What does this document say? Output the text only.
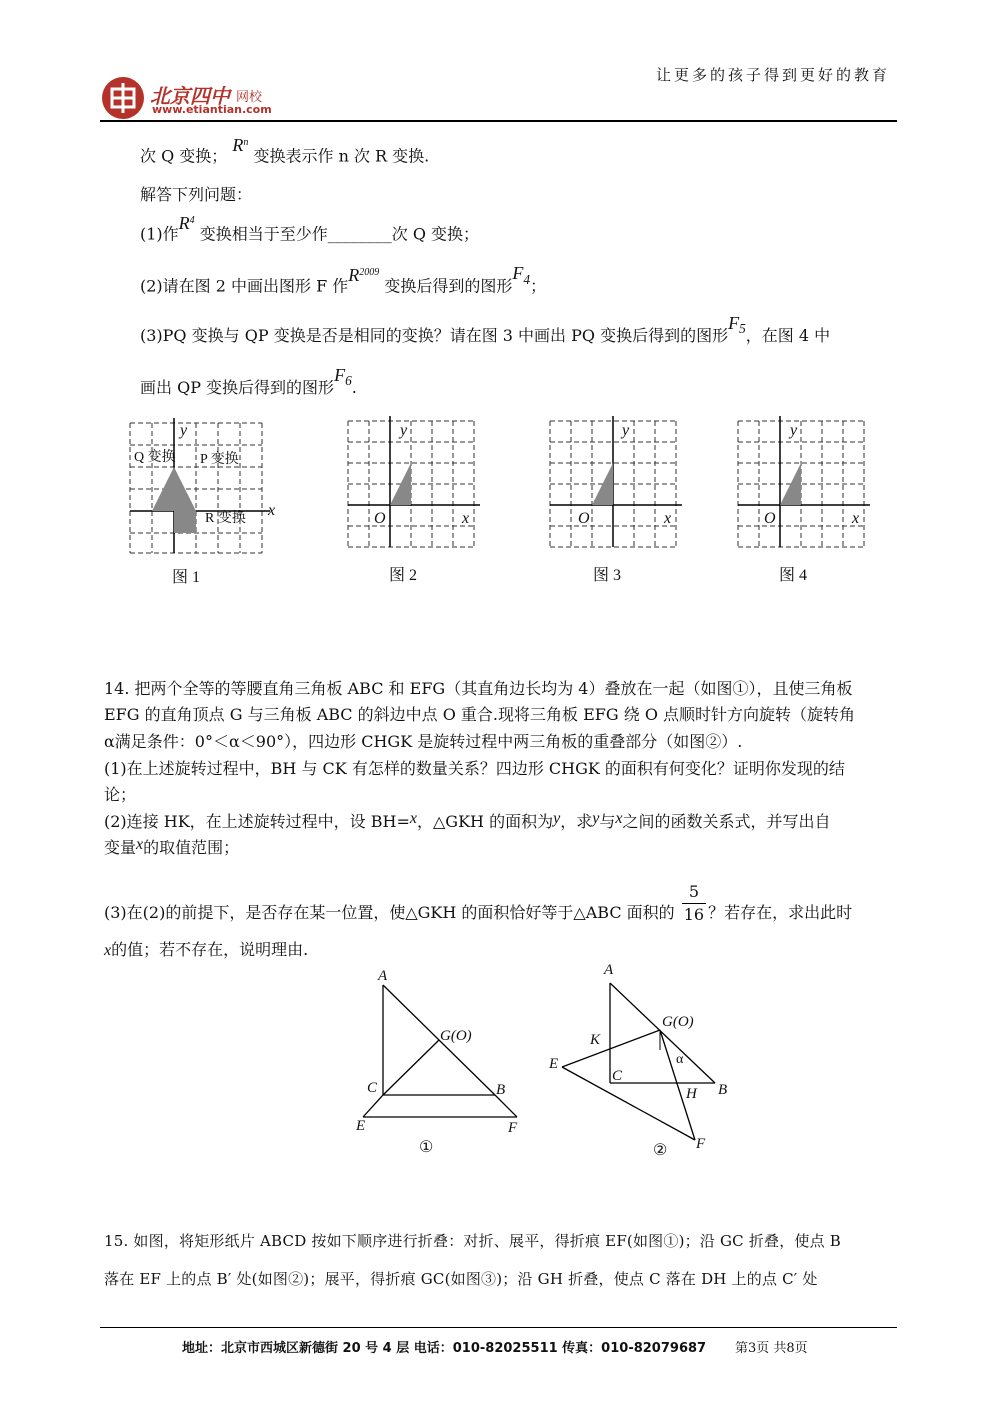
北京四中 网校
www.etiantian.com
让更多的孩子得到更好的教育
次 Q 变换； $R^n$ 变换表示作 n 次 R 变换.
解答下列问题：
(1)作$R^4$ 变换相当于至少作________次 Q 变换；
(2)请在图 2 中画出图形 F 作$R^{2009}$ 变换后得到的图形$F_4$；
(3)PQ 变换与 QP 变换是否是相同的变换？请在图 3 中画出 PQ 变换后得到的图形$F_5$，在图 4 中
画出 QP 变换后得到的图形$F_6$.
Q 变换 P 变换
R 变换 x
y
图 1
y
x
O
图 2
y
x
O
图 3
y
x
O
图 4
14. 把两个全等的等腰直角三角板 ABC 和 EFG（其直角边长均为 4）叠放在一起（如图①），且使三角板
EFG 的直角顶点 G 与三角板 ABC 的斜边中点 O 重合.现将三角板 EFG 绕 O 点顺时针方向旋转（旋转角
α满足条件：0°＜α＜90°），四边形 CHGK 是旋转过程中两三角板的重叠部分（如图②）.
(1)在上述旋转过程中，BH 与 CK 有怎样的数量关系？四边形 CHGK 的面积有何变化？证明你发现的结
论；
(2)连接 HK，在上述旋转过程中，设 BH=x，△GKH 的面积为y，求y与x之间的函数关系式，并写出自
变量x的取值范围；
(3)在(2)的前提下，是否存在某一位置，使△GKH 的面积恰好等于△ABC 面积的 $\frac{5}{16}$ ？若存在，求出此时
x的值；若不存在，说明理由.
A
G(O)
C	B
E	F
①
A
G(O)
K
E
C
α
B
H
F
②
15. 如图，将矩形纸片 ABCD 按如下顺序进行折叠：对折、展平，得折痕 EF(如图①)；沿 GC 折叠，使点 B
落在 EF 上的点 B′ 处(如图②)；展平，得折痕 GC(如图③)；沿 GH 折叠，使点 C 落在 DH 上的点 C′ 处
地址：北京市西城区新德街 20 号 4 层 电话：010-82025511 传真：010-82079687 第3页 共8页
